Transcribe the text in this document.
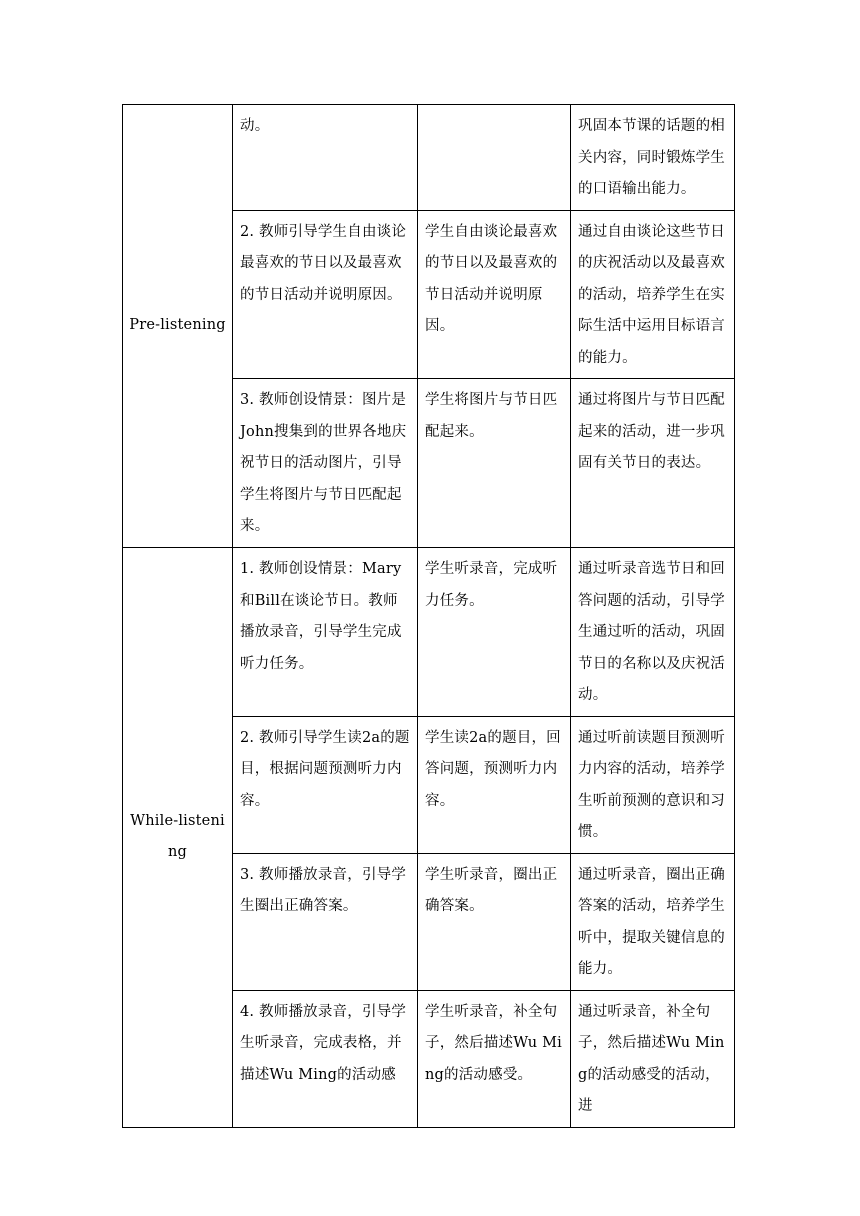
Pre-listening	动。		巩固本节课的话题的相关内容，同时锻炼学生的口语输出能力。
	2. 教师引导学生自由谈论最喜欢的节日以及最喜欢的节日活动并说明原因。	学生自由谈论最喜欢的节日以及最喜欢的节日活动并说明原因。	通过自由谈论这些节日的庆祝活动以及最喜欢的活动，培养学生在实际生活中运用目标语言的能力。
	3. 教师创设情景：图片是John搜集到的世界各地庆祝节日的活动图片，引导学生将图片与节日匹配起来。	学生将图片与节日匹配起来。	通过将图片与节日匹配起来的活动，进一步巩固有关节日的表达。
While-listening	1. 教师创设情景：Mary和Bill在谈论节日。教师播放录音，引导学生完成听力任务。	学生听录音，完成听力任务。	通过听录音选节日和回答问题的活动，引导学生通过听的活动，巩固节日的名称以及庆祝活动。
	2. 教师引导学生读2a的题目，根据问题预测听力内容。	学生读2a的题目，回答问题，预测听力内容。	通过听前读题目预测听力内容的活动，培养学生听前预测的意识和习惯。
	3. 教师播放录音，引导学生圈出正确答案。	学生听录音，圈出正确答案。	通过听录音，圈出正确答案的活动，培养学生听中，提取关键信息的能力。
	4. 教师播放录音，引导学生听录音，完成表格，并描述Wu Ming的活动感	学生听录音，补全句子，然后描述Wu Ming的活动感受。	通过听录音，补全句子，然后描述Wu Ming的活动感受的活动，进
